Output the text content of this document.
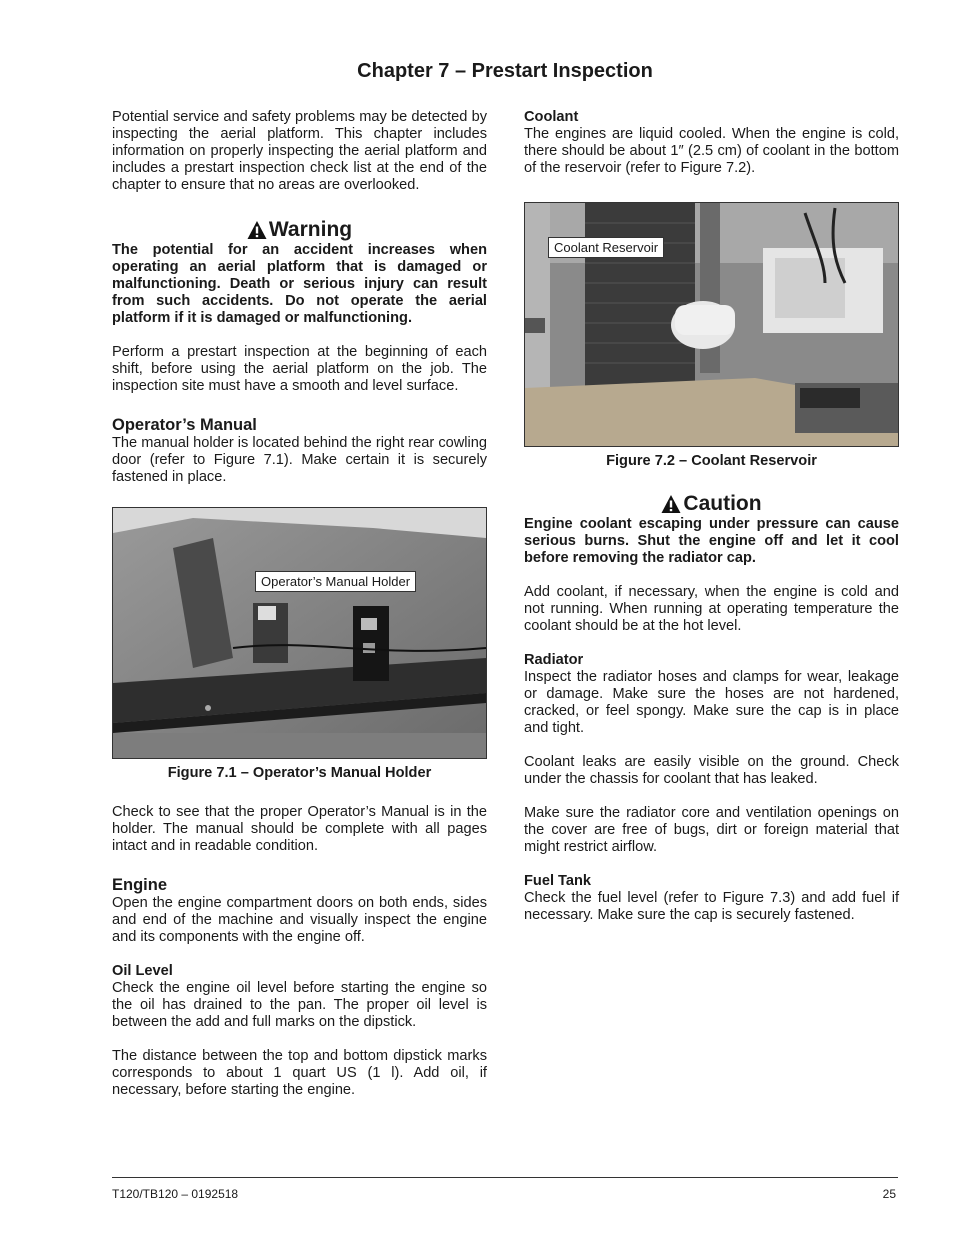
Chapter 7 – Prestart Inspection

Potential service and safety problems may be detected by inspecting the aerial platform. This chapter includes information on properly inspecting the aerial platform and includes a prestart inspection check list at the end of the chapter to ensure that no areas are overlooked.

Warning

The potential for an accident increases when operating an aerial platform that is damaged or malfunctioning. Death or serious injury can result from such accidents. Do not operate the aerial platform if it is damaged or malfunctioning.

Perform a prestart inspection at the beginning of each shift, before using the aerial platform on the job. The inspection site must have a smooth and level surface.

Operator’s Manual

The manual holder is located behind the right rear cowling door (refer to Figure 7.1). Make certain it is securely fastened in place.

Operator’s Manual Holder
Figure 7.1 – Operator’s Manual Holder

Check to see that the proper Operator’s Manual is in the holder. The manual should be complete with all pages intact and in readable condition.

Engine

Open the engine compartment doors on both ends, sides and end of the machine and visually inspect the engine and its components with the engine off.

Oil Level

Check the engine oil level before starting the engine so the oil has drained to the pan. The proper oil level is between the add and full marks on the dipstick.

The distance between the top and bottom dipstick marks corresponds to about 1 quart US (1 l). Add oil, if necessary, before starting the engine.

Coolant

The engines are liquid cooled. When the engine is cold, there should be about 1″ (2.5 cm) of coolant in the bottom of the reservoir (refer to Figure 7.2).

Coolant Reservoir
Figure 7.2 – Coolant Reservoir
Caution

Engine coolant escaping under pressure can cause serious burns. Shut the engine off and let it cool before removing the radiator cap.

Add coolant, if necessary, when the engine is cold and not running. When running at operating temperature the coolant should be at the hot level.

Radiator

Inspect the radiator hoses and clamps for wear, leakage or damage. Make sure the hoses are not hardened, cracked, or feel spongy. Make sure the cap is in place and tight.

Coolant leaks are easily visible on the ground. Check under the chassis for coolant that has leaked.

Make sure the radiator core and ventilation openings on the cover are free of bugs, dirt or foreign material that might restrict airflow.

Fuel Tank

Check the fuel level (refer to Figure 7.3) and add fuel if necessary. Make sure the cap is securely fastened.

T120/TB120 – 0192518	25
